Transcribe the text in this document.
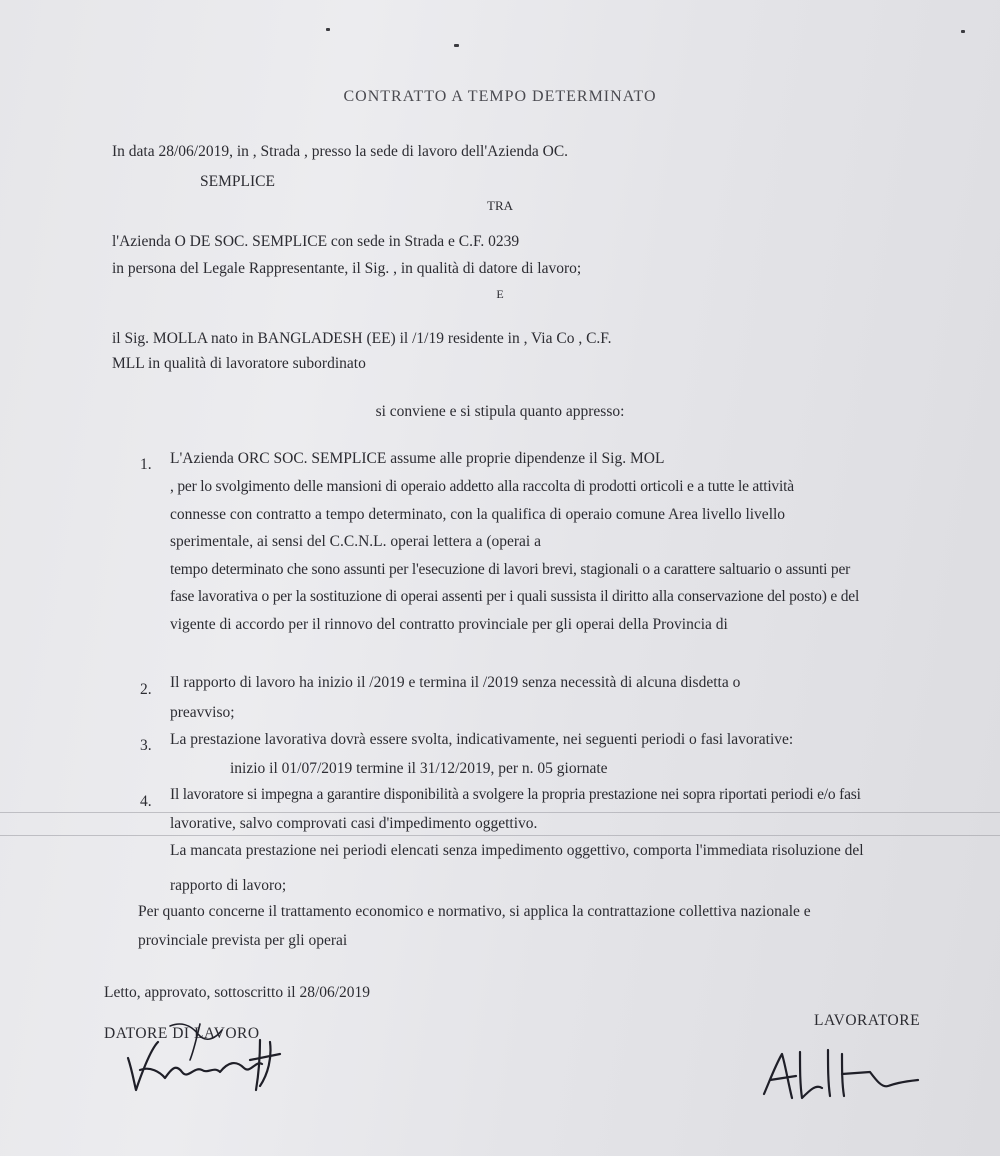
CONTRATTO A TEMPO DETERMINATO
In data 28/06/2019, in , Strada , presso la sede di lavoro dell'Azienda OC.
SEMPLICE
TRA
l'Azienda O DE SOC. SEMPLICE con sede in Strada e C.F. 0239
in persona del Legale Rappresentante, il Sig. , in qualità di datore di lavoro;
E
il Sig. MOLLA nato in BANGLADESH (EE) il /1/19 residente in , Via Co , C.F.
MLL in qualità di lavoratore subordinato
si conviene e si stipula quanto appresso:
1. L'Azienda ORC SOC. SEMPLICE assume alle proprie dipendenze il Sig. MOL
, per lo svolgimento delle mansioni di operaio addetto alla raccolta di prodotti orticoli e a tutte le attività
connesse con contratto a tempo determinato, con la qualifica di operaio comune Area livello livello
sperimentale, ai sensi del C.C.N.L. operai lettera a (operai a
tempo determinato che sono assunti per l'esecuzione di lavori brevi, stagionali o a carattere saltuario o assunti per
fase lavorativa o per la sostituzione di operai assenti per i quali sussista il diritto alla conservazione del posto) e del
vigente di accordo per il rinnovo del contratto provinciale per gli operai della Provincia di
2. Il rapporto di lavoro ha inizio il /2019 e termina il /2019 senza necessità di alcuna disdetta o
preavviso;
3. La prestazione lavorativa dovrà essere svolta, indicativamente, nei seguenti periodi o fasi lavorative:
inizio il 01/07/2019 termine il 31/12/2019, per n. 05 giornate
4. Il lavoratore si impegna a garantire disponibilità a svolgere la propria prestazione nei sopra riportati periodi e/o fasi
lavorative, salvo comprovati casi d'impedimento oggettivo.
La mancata prestazione nei periodi elencati senza impedimento oggettivo, comporta l'immediata risoluzione del
rapporto di lavoro;
Per quanto concerne il trattamento economico e normativo, si applica la contrattazione collettiva nazionale e
provinciale prevista per gli operai
Letto, approvato, sottoscritto il 28/06/2019
DATORE DI LAVORO
LAVORATORE
